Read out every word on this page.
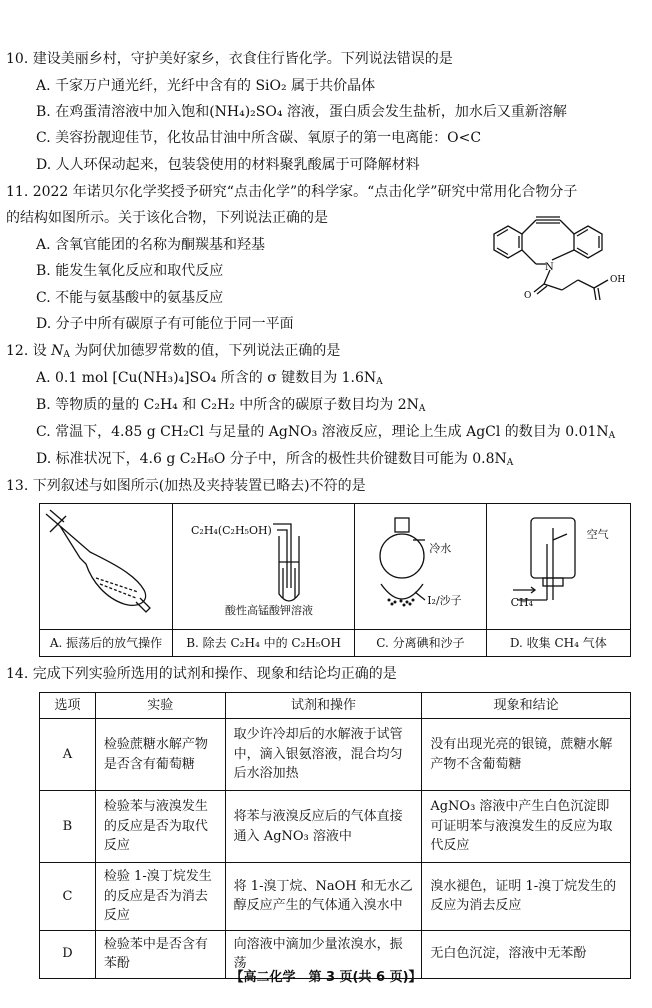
10. 建设美丽乡村，守护美好家乡，衣食住行皆化学。下列说法错误的是
A. 千家万户通光纤，光纤中含有的 SiO₂ 属于共价晶体
B. 在鸡蛋清溶液中加入饱和(NH₄)₂SO₄ 溶液，蛋白质会发生盐析，加水后又重新溶解
C. 美容扮靓迎佳节，化妆品甘油中所含碳、氧原子的第一电离能：O<C
D. 人人环保动起来，包装袋使用的材料聚乳酸属于可降解材料
11. 2022 年诺贝尔化学奖授予研究“点击化学”的科学家。“点击化学”研究中常用化合物分子
的结构如图所示。关于该化合物，下列说法正确的是
A. 含氧官能团的名称为酮羰基和羟基
B. 能发生氧化反应和取代反应
C. 不能与氨基酸中的氨基反应
D. 分子中所有碳原子有可能位于同一平面
N
OH
O
12. 设 $N_A$ 为阿伏加德罗常数的值，下列说法正确的是
A. 0.1 mol [Cu(NH₃)₄]SO₄ 所含的 σ 键数目为 $1.6N_A$
B. 等物质的量的 C₂H₄ 和 C₂H₂ 中所含的碳原子数目均为 $2N_A$
C. 常温下，4.85 g CH₂Cl 与足量的 AgNO₃ 溶液反应，理论上生成 AgCl 的数目为 $0.01N_A$
D. 标准状况下，4.6 g C₂H₆O 分子中，所含的极性共价键数目可能为 $0.8N_A$
13. 下列叙述与如图所示(加热及夹持装置已略去)不符的是
A. 振荡后的放气操作
C₂H₄(C₂H₅OH)
酸性高锰酸钾溶液
B. 除去 C₂H₄ 中的 C₂H₅OH
冷水
I₂/沙子
C. 分离碘和沙子
空气
CH₄
D. 收集 CH₄ 气体
14. 完成下列实验所选用的试剂和操作、现象和结论均正确的是
选项	实验	试剂和操作	现象和结论
A	检验蔗糖水解产物是否含有葡萄糖	取少许冷却后的水解液于试管中，滴入银氨溶液，混合均匀后水浴加热	没有出现光亮的银镜，蔗糖水解产物不含葡萄糖
B	检验苯与液溴发生的反应是否为取代反应	将苯与液溴反应后的气体直接通入 AgNO₃ 溶液中	AgNO₃ 溶液中产生白色沉淀即可证明苯与液溴发生的反应为取代反应
C	检验 1-溴丁烷发生的反应是否为消去反应	将 1-溴丁烷、NaOH 和无水乙醇反应产生的气体通入溴水中	溴水褪色，证明 1-溴丁烷发生的反应为消去反应
D	检验苯中是否含有苯酚	向溶液中滴加少量浓溴水，振荡	无白色沉淀，溶液中无苯酚
【高二化学　第 3 页(共 6 页)】
